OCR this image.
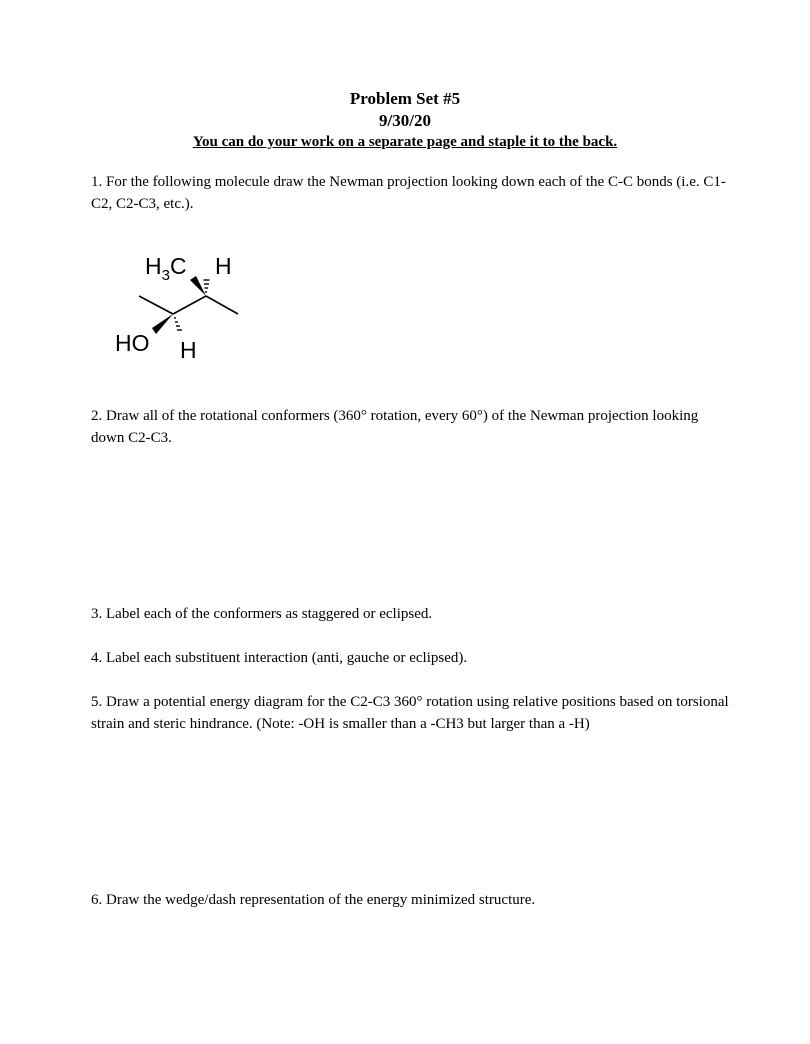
Problem Set #5
9/30/20
You can do your work on a separate page and staple it to the back.
1. For the following molecule draw the Newman projection looking down each of the C-C bonds (i.e. C1-C2, C2-C3, etc.).
$H_3C$ H
HO H
2. Draw all of the rotational conformers (360° rotation, every 60°) of the Newman projection looking down C2-C3.
3. Label each of the conformers as staggered or eclipsed.
4. Label each substituent interaction (anti, gauche or eclipsed).
5. Draw a potential energy diagram for the C2-C3 360° rotation using relative positions based on torsional strain and steric hindrance. (Note: -OH is smaller than a -CH3 but larger than a -H)
6. Draw the wedge/dash representation of the energy minimized structure.
